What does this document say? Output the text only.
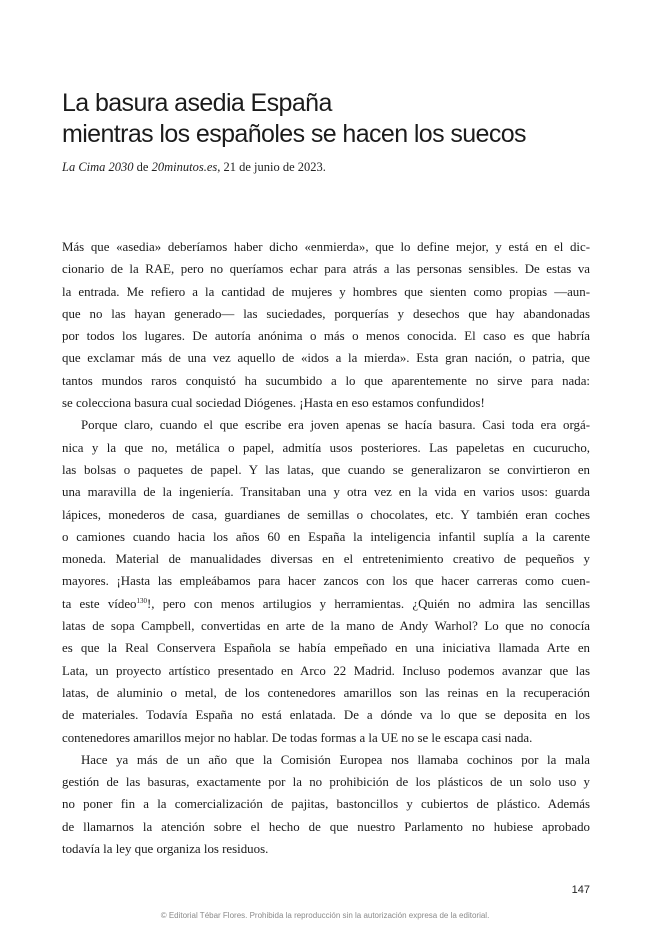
La basura asedia España
mientras los españoles se hacen los suecos
La Cima 2030 de 20minutos.es, 21 de junio de 2023.
Más que «asedia» deberíamos haber dicho «enmierda», que lo define mejor, y está en el dic-
cionario de la RAE, pero no queríamos echar para atrás a las personas sensibles. De estas va
la entrada. Me refiero a la cantidad de mujeres y hombres que sienten como propias —aun-
que no las hayan generado— las suciedades, porquerías y desechos que hay abandonadas
por todos los lugares. De autoría anónima o más o menos conocida. El caso es que habría
que exclamar más de una vez aquello de «idos a la mierda». Esta gran nación, o patria, que
tantos mundos raros conquistó ha sucumbido a lo que aparentemente no sirve para nada:
se colecciona basura cual sociedad Diógenes. ¡Hasta en eso estamos confundidos!
Porque claro, cuando el que escribe era joven apenas se hacía basura. Casi toda era orgá-
nica y la que no, metálica o papel, admitía usos posteriores. Las papeletas en cucurucho,
las bolsas o paquetes de papel. Y las latas, que cuando se generalizaron se convirtieron en
una maravilla de la ingeniería. Transitaban una y otra vez en la vida en varios usos: guarda
lápices, monederos de casa, guardianes de semillas o chocolates, etc. Y también eran coches
o camiones cuando hacia los años 60 en España la inteligencia infantil suplía a la carente
moneda. Material de manualidades diversas en el entretenimiento creativo de pequeños y
mayores. ¡Hasta las empleábamos para hacer zancos con los que hacer carreras como cuen-
ta este vídeo$^{130}$!, pero con menos artilugios y herramientas. ¿Quién no admira las sencillas
latas de sopa Campbell, convertidas en arte de la mano de Andy Warhol? Lo que no conocía
es que la Real Conservera Española se había empeñado en una iniciativa llamada Arte en
Lata, un proyecto artístico presentado en Arco 22 Madrid. Incluso podemos avanzar que las
latas, de aluminio o metal, de los contenedores amarillos son las reinas en la recuperación
de materiales. Todavía España no está enlatada. De a dónde va lo que se deposita en los
contenedores amarillos mejor no hablar. De todas formas a la UE no se le escapa casi nada.
Hace ya más de un año que la Comisión Europea nos llamaba cochinos por la mala
gestión de las basuras, exactamente por la no prohibición de los plásticos de un solo uso y
no poner fin a la comercialización de pajitas, bastoncillos y cubiertos de plástico. Además
de llamarnos la atención sobre el hecho de que nuestro Parlamento no hubiese aprobado
todavía la ley que organiza los residuos.
147
© Editorial Tébar Flores. Prohibida la reproducción sin la autorización expresa de la editorial.
